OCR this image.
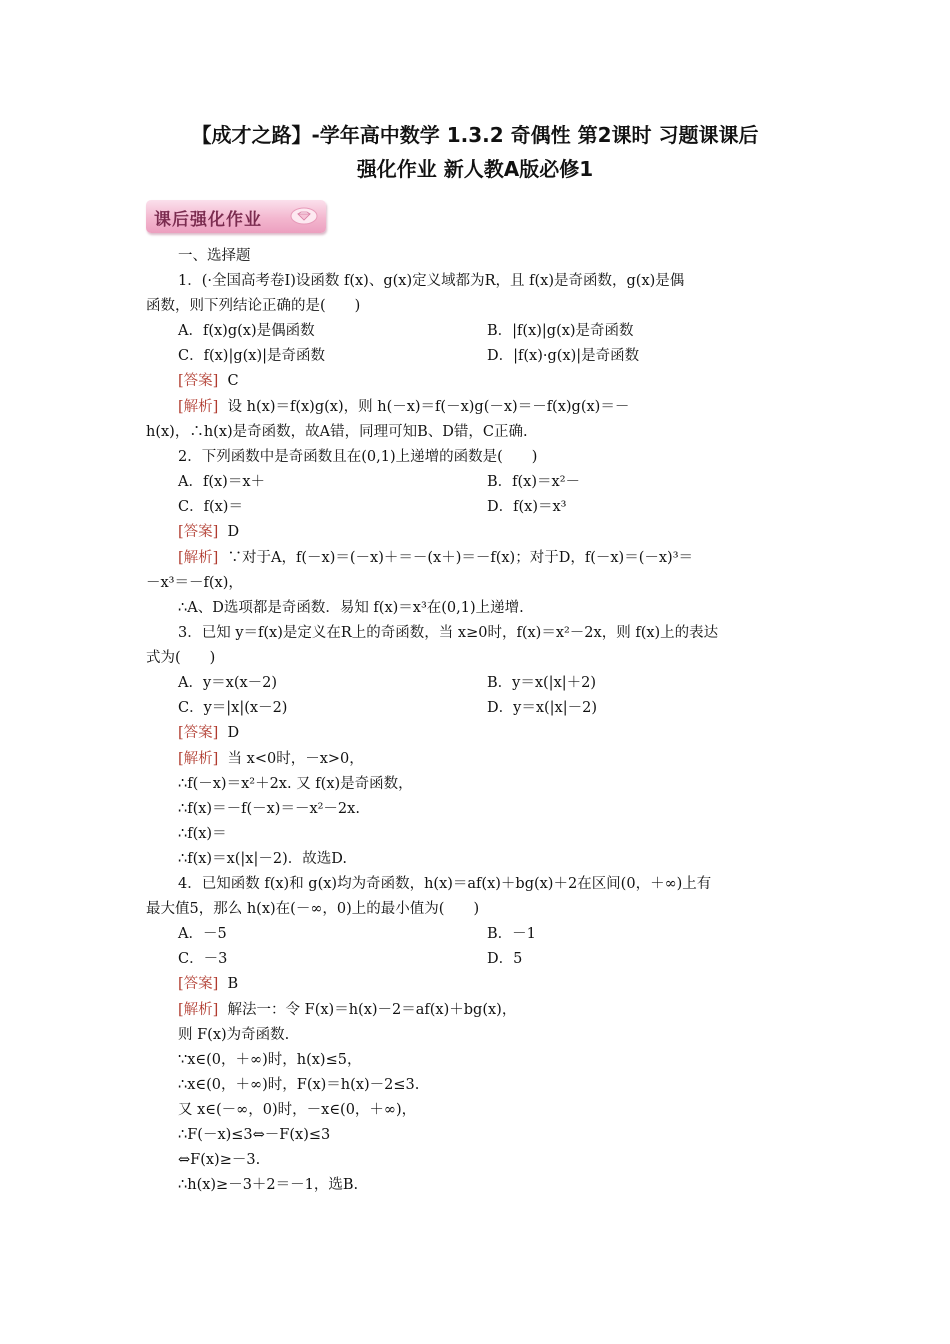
【成才之路】-学年高中数学 1.3.2 奇偶性 第2课时 习题课课后
强化作业 新人教A版必修1
课后强化作业
一、选择题
1．(·全国高考卷Ⅰ)设函数 f(x)、g(x)定义域都为R，且 f(x)是奇函数，g(x)是偶
函数，则下列结论正确的是(　　)
A．f(x)g(x)是偶函数	B．|f(x)|g(x)是奇函数
C．f(x)|g(x)|是奇函数	D．|f(x)·g(x)|是奇函数
[答案] C
[解析] 设 h(x)＝f(x)g(x)，则 h(－x)＝f(－x)g(－x)＝－f(x)g(x)＝－
h(x)，∴h(x)是奇函数，故A错，同理可知B、D错，C正确.
2．下列函数中是奇函数且在(0,1)上递增的函数是(　　)
A．f(x)＝x＋	B．f(x)＝x²－
C．f(x)＝	D．f(x)＝x³
[答案] D
[解析] ∵对于A，f(－x)＝(－x)＋＝－(x＋)＝－f(x)；对于D，f(－x)＝(－x)³＝
－x³＝－f(x)，
∴A、D选项都是奇函数．易知 f(x)＝x³在(0,1)上递增.
3．已知 y＝f(x)是定义在R上的奇函数，当 x≥0时，f(x)＝x²－2x，则 f(x)上的表达
式为(　　)
A．y＝x(x－2)	B．y＝x(|x|＋2)
C．y＝|x|(x－2)	D．y＝x(|x|－2)
[答案] D
[解析] 当 x<0时，－x>0，
∴f(－x)＝x²＋2x. 又 f(x)是奇函数，
∴f(x)＝－f(－x)＝－x²－2x.
∴f(x)＝
∴f(x)＝x(|x|－2)．故选D.
4．已知函数 f(x)和 g(x)均为奇函数，h(x)＝af(x)＋bg(x)＋2在区间(0，＋∞)上有
最大值5，那么 h(x)在(－∞，0)上的最小值为(　　)
A．－5	B．－1
C．－3	D．5
[答案] B
[解析] 解法一：令 F(x)＝h(x)－2＝af(x)＋bg(x)，
则 F(x)为奇函数.
∵x∈(0，＋∞)时，h(x)≤5，
∴x∈(0，＋∞)时，F(x)＝h(x)－2≤3.
又 x∈(－∞，0)时，－x∈(0，＋∞)，
∴F(－x)≤3⇔－F(x)≤3
⇔F(x)≥－3.
∴h(x)≥－3＋2＝－1，选B.
